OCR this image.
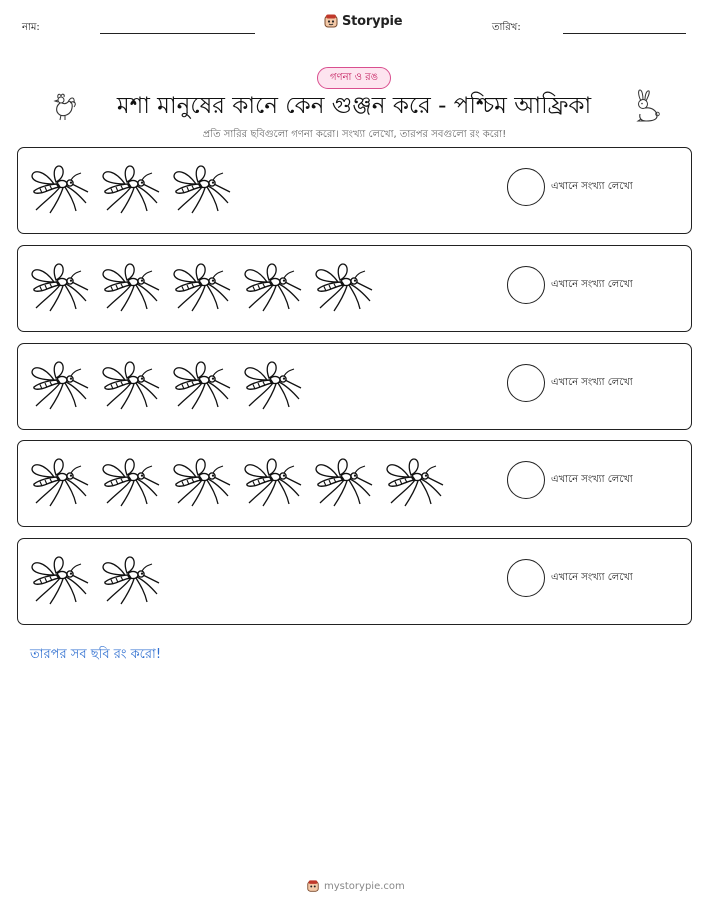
নাম:	Storypie	তারিখ:
গণনা ও রঙ
মশা মানুষের কানে কেন গুঞ্জন করে - পশ্চিম আফ্রিকা
প্রতি সারির ছবিগুলো গণনা করো। সংখ্যা লেখো, তারপর সবগুলো রং করো!
এখানে সংখ্যা লেখো
এখানে সংখ্যা লেখো
এখানে সংখ্যা লেখো
এখানে সংখ্যা লেখো
এখানে সংখ্যা লেখো
তারপর সব ছবি রং করো!
mystorypie.com
